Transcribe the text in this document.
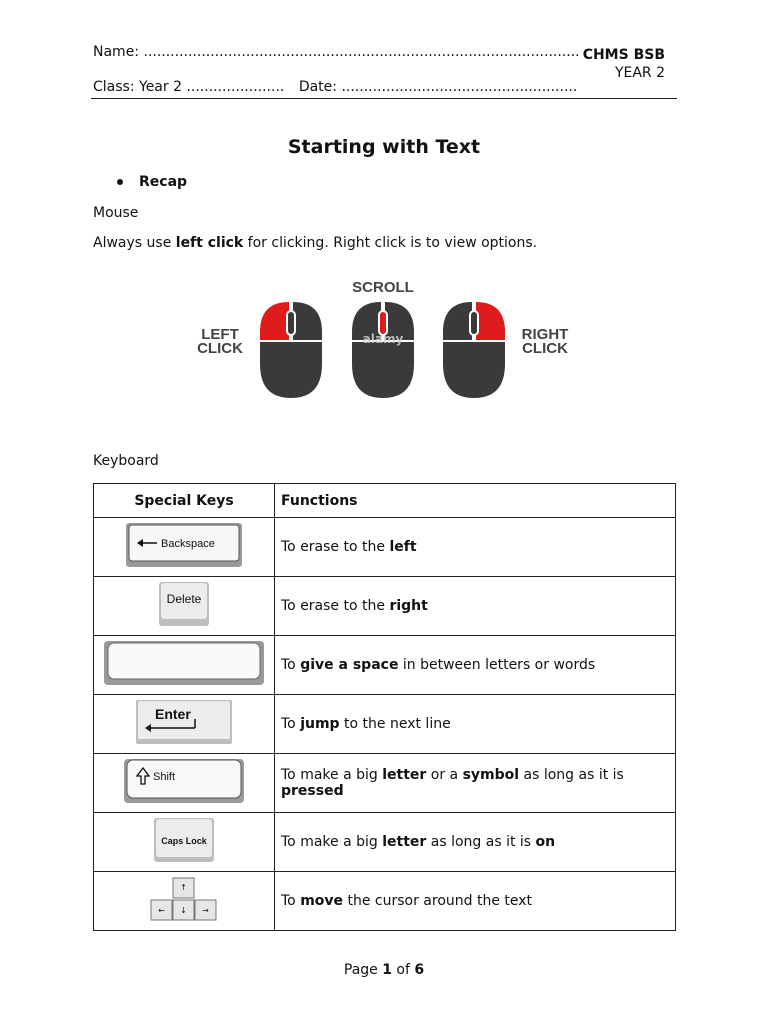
Name: ..................................................................................................
Class: Year 2 ...................... Date: .....................................................
CHMS BSB
YEAR 2
Starting with Text
Recap
Mouse
Always use left click for clicking. Right click is to view options.
SCROLL
LEFT
CLICK
RIGHT
CLICK
alamy
Keyboard
Special Keys	Functions

Backspace	To erase to the left

Delete	To erase to the right
	To give a space in between letters or words

Enter	To jump to the next line

Shift	To make a big letter or a symbol as long as it is pressed

Caps Lock	To make a big letter as long as it is on

↑
← ↓ →	To move the cursor around the text
Page 1 of 6
